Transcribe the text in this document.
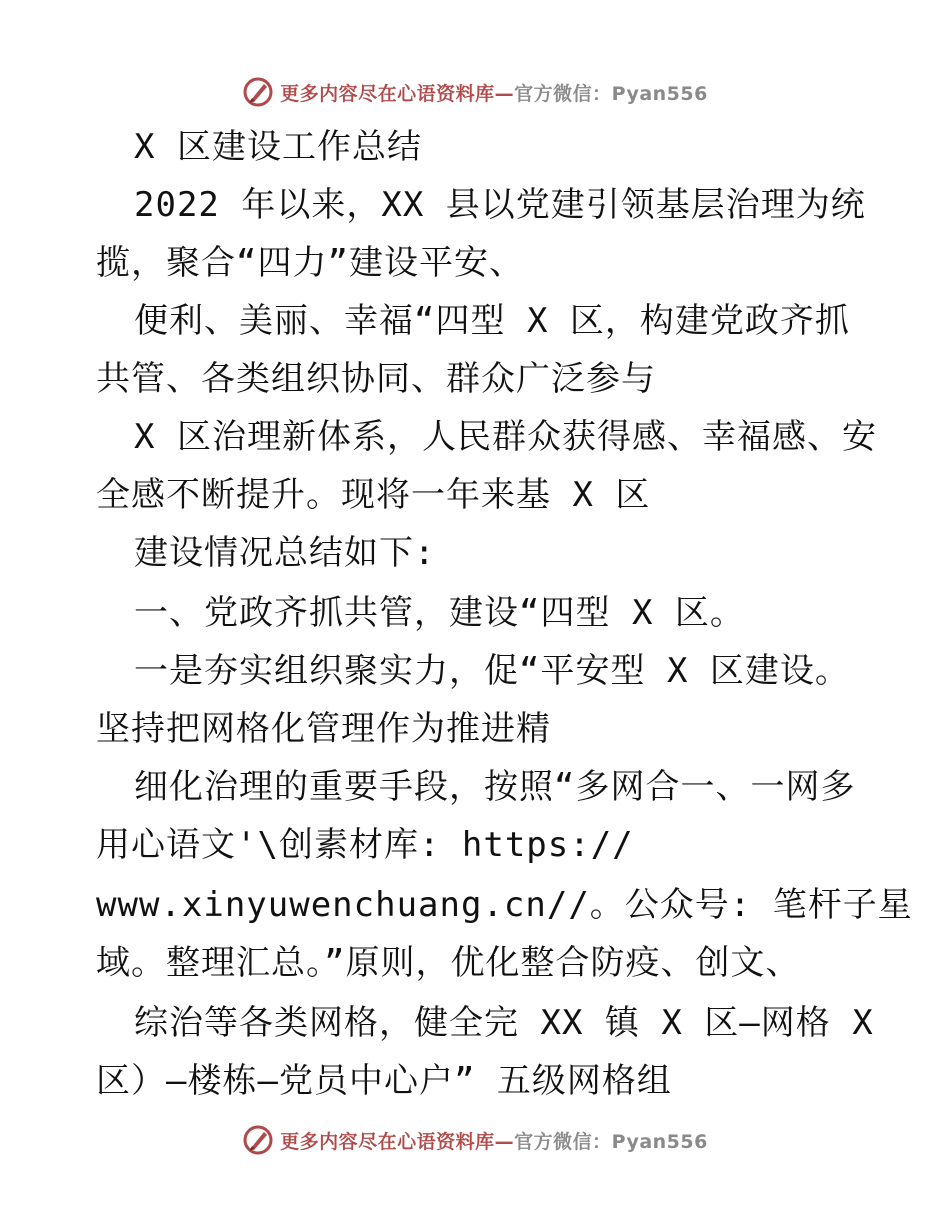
更多内容尽在心语资料库—官方微信：Pyan556
X 区建设工作总结
2022 年以来，XX 县以党建引领基层治理为统
揽，聚合“四力”建设平安、
便利、美丽、幸福“四型 X 区，构建党政齐抓
共管、各类组织协同、群众广泛参与
X 区治理新体系，人民群众获得感、幸福感、安
全感不断提升。现将一年来基 X 区
建设情况总结如下:
一、党政齐抓共管，建设“四型 X 区。
一是夯实组织聚实力，促“平安型 X 区建设。
坚持把网格化管理作为推进精
细化治理的重要手段，按照“多网合一、一网多
用心语文'\创素材库: https://
www.xinyuwenchuang.cn//。公众号: 笔杆子星
域。整理汇总。”原则，优化整合防疫、创文、
综治等各类网格，健全完 XX 镇 X 区—网格 X
区）—楼栋—党员中心户” 五级网格组
更多内容尽在心语资料库—官方微信：Pyan556
